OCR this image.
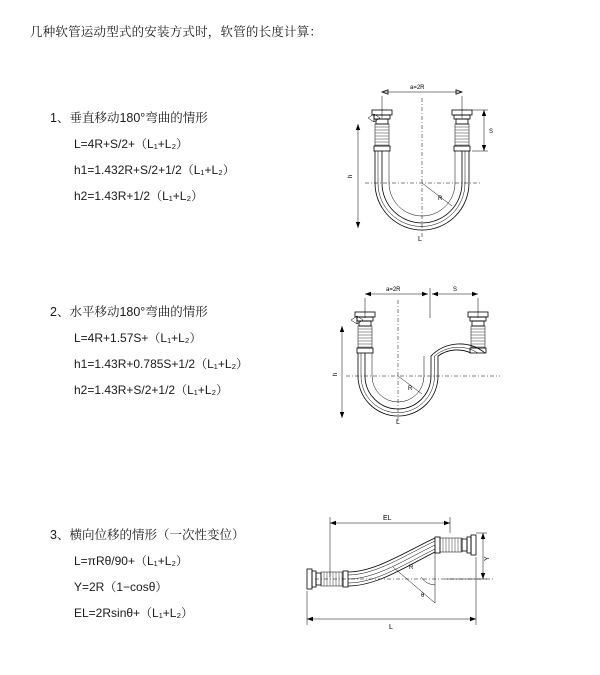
几种软管运动型式的安装方式时，软管的长度计算：
1、垂直移动180°弯曲的情形
L=4R+S/2+（L₁+L₂）
h1=1.432R+S/2+1/2（L₁+L₂）
h2=1.43R+1/2（L₁+L₂）
a=2R
R
h
S
L
2、水平移动180°弯曲的情形
L=4R+1.57S+（L₁+L₂）
h1=1.43R+0.785S+1/2（L₁+L₂）
h2=1.43R+S/2+1/2（L₁+L₂）
a=2R	S
R
h
L
3、横向位移的情形（一次性变位）
L=πRθ/90+（L₁+L₂）
Y=2R（1−cosθ）
EL=2Rsinθ+（L₁+L₂）
EL
θ
R
Y
L
